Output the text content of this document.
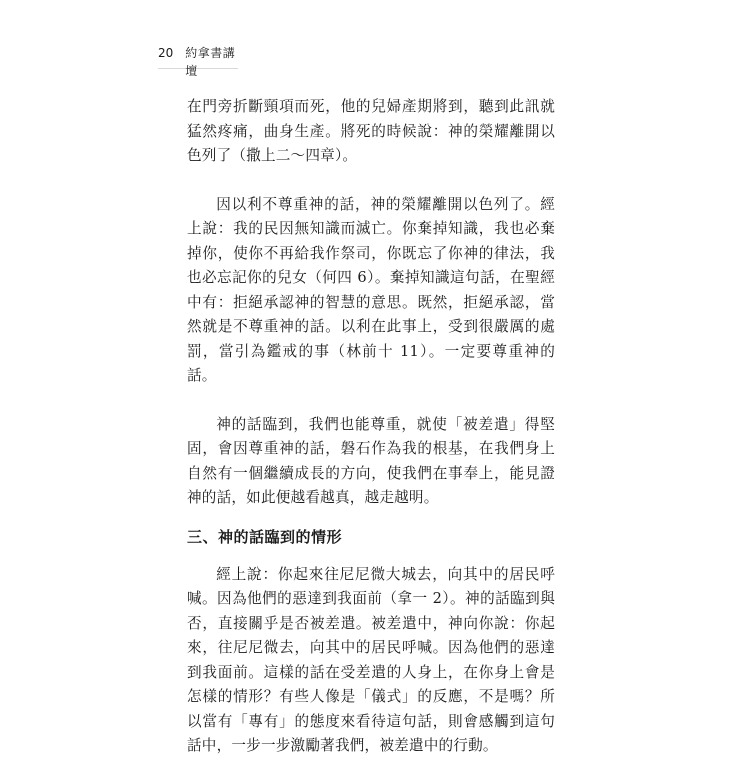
20 約拿書講壇

在門旁折斷頸項而死，他的兒婦產期將到，聽到此訊就猛然疼痛，曲身生產。將死的時候說：神的榮耀離開以色列了（撒上二～四章）。

因以利不尊重神的話，神的榮耀離開以色列了。經上說：我的民因無知識而滅亡。你棄掉知識，我也必棄掉你，使你不再給我作祭司，你既忘了你神的律法，我也必忘記你的兒女（何四 6）。棄掉知識這句話，在聖經中有：拒絕承認神的智慧的意思。既然，拒絕承認，當然就是不尊重神的話。以利在此事上，受到很嚴厲的處罰，當引為鑑戒的事（林前十 11）。一定要尊重神的話。

神的話臨到，我們也能尊重，就使「被差遣」得堅固，會因尊重神的話，磐石作為我的根基，在我們身上自然有一個繼續成長的方向，使我們在事奉上，能見證神的話，如此便越看越真，越走越明。

三、神的話臨到的情形

經上說：你起來往尼尼微大城去，向其中的居民呼喊。因為他們的惡達到我面前（拿一 2）。神的話臨到與否，直接關乎是否被差遣。被差遣中，神向你說：你起來，往尼尼微去，向其中的居民呼喊。因為他們的惡達到我面前。這樣的話在受差遣的人身上，在你身上會是怎樣的情形？有些人像是「儀式」的反應，不是嗎？所以當有「專有」的態度來看待這句話，則會感觸到這句話中，一步一步激勵著我們，被差遣中的行動。
